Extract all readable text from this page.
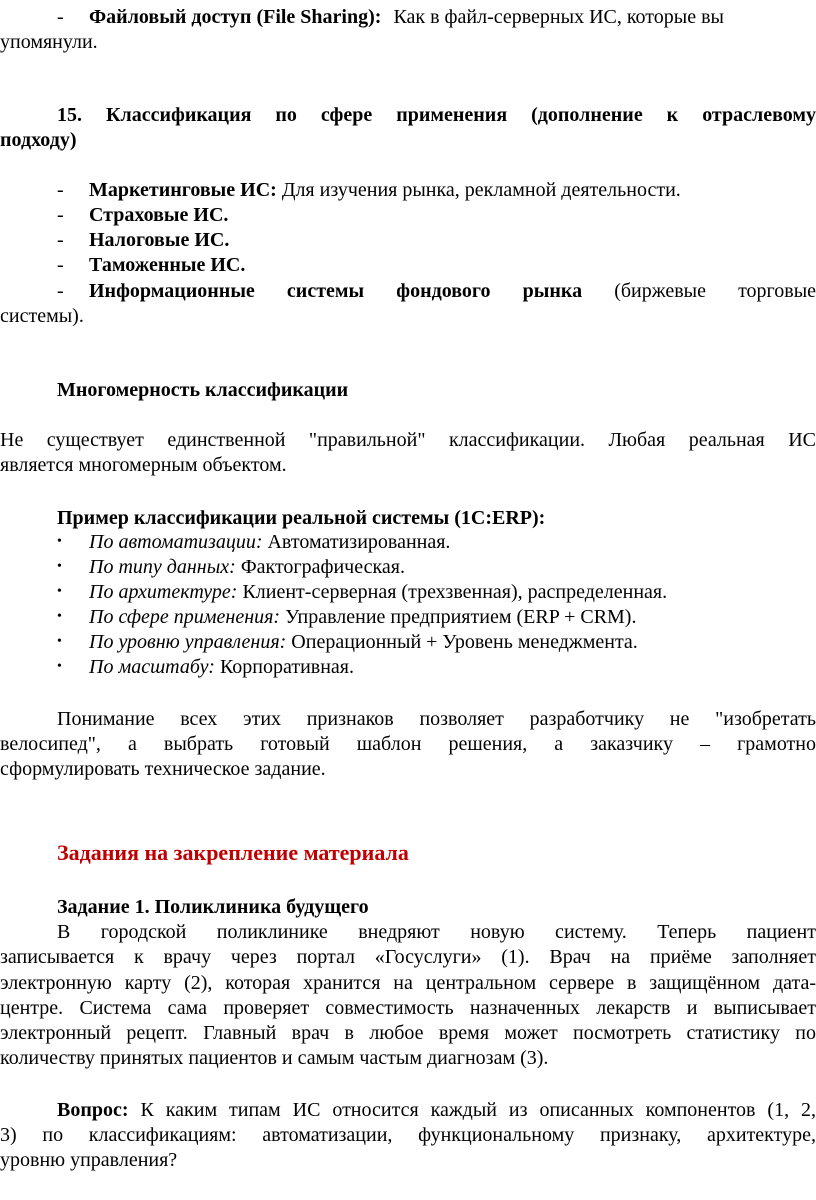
- Файловый доступ (File Sharing): Как в файл-серверных ИС, которые вы
упомянули.
15. Классификация по сфере применения (дополнение к отраслевому
подходу)
- Маркетинговые ИС: Для изучения рынка, рекламной деятельности.
- Страховые ИС.
- Налоговые ИС.
- Таможенные ИС.
- Информационные системы фондового рынка (биржевые торговые
системы).
Многомерность классификации
Не существует единственной "правильной" классификации. Любая реальная ИС
является многомерным объектом.
Пример классификации реальной системы (1С:ERP):
• По автоматизации: Автоматизированная.
• По типу данных: Фактографическая.
• По архитектуре: Клиент-серверная (трехзвенная), распределенная.
• По сфере применения: Управление предприятием (ERP + CRM).
• По уровню управления: Операционный + Уровень менеджмента.
• По масштабу: Корпоративная.
Понимание всех этих признаков позволяет разработчику не "изобретать
велосипед", а выбрать готовый шаблон решения, а заказчику – грамотно
сформулировать техническое задание.
Задания на закрепление материала
Задание 1. Поликлиника будущего
В городской поликлинике внедряют новую систему. Теперь пациент
записывается к врачу через портал «Госуслуги» (1). Врач на приёме заполняет
электронную карту (2), которая хранится на центральном сервере в защищённом дата-
центре. Система сама проверяет совместимость назначенных лекарств и выписывает
электронный рецепт. Главный врач в любое время может посмотреть статистику по
количеству принятых пациентов и самым частым диагнозам (3).
Вопрос: К каким типам ИС относится каждый из описанных компонентов (1, 2,
3) по классификациям: автоматизации, функциональному признаку, архитектуре,
уровню управления?
